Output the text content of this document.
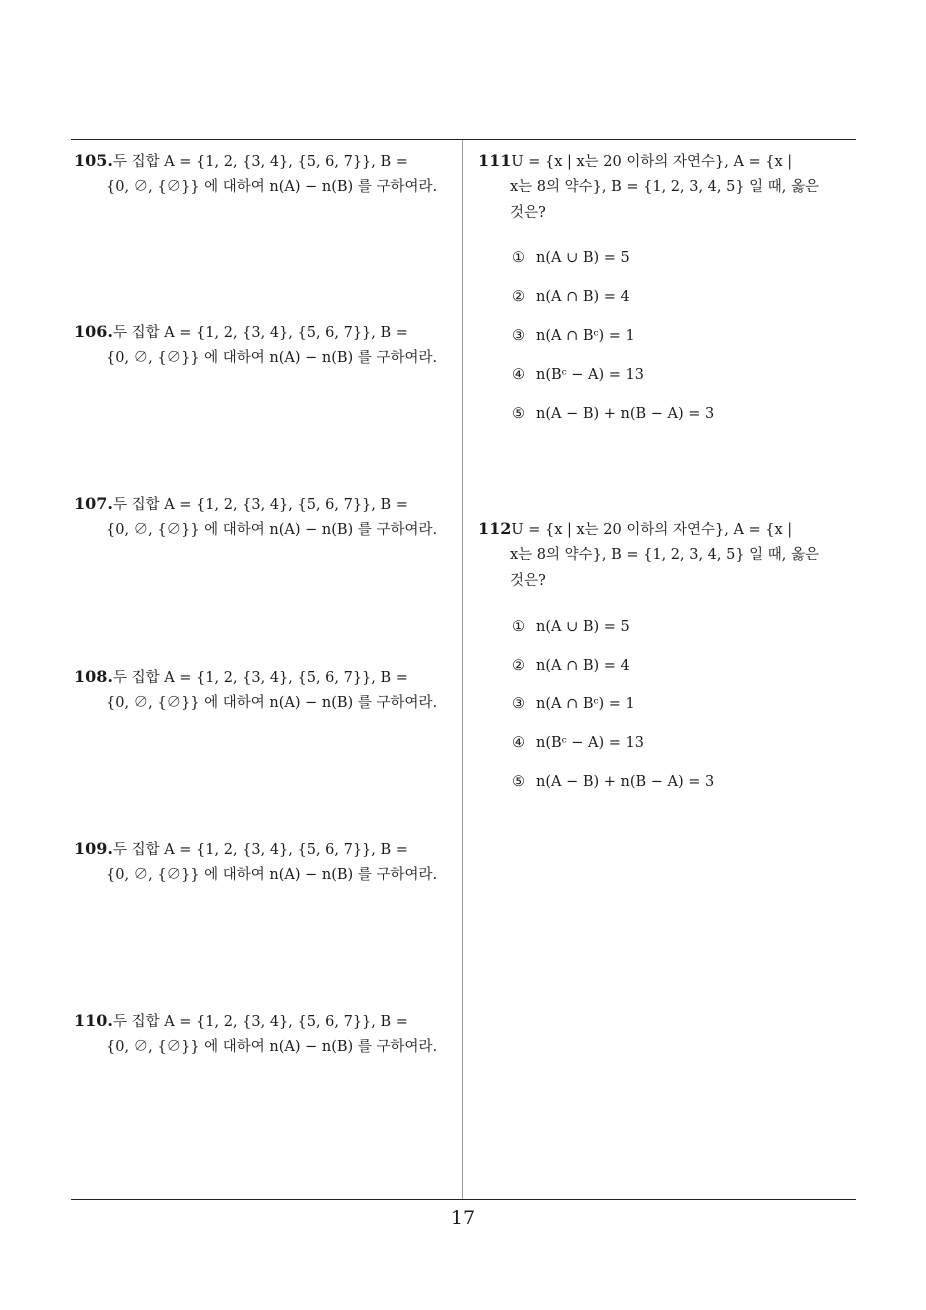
105.두 집합 A = {1, 2, {3, 4}, {5, 6, 7}}, B =
{0, ∅, {∅}} 에 대하여 n(A) − n(B) 를 구하여라.
106.두 집합 A = {1, 2, {3, 4}, {5, 6, 7}}, B =
{0, ∅, {∅}} 에 대하여 n(A) − n(B) 를 구하여라.
107.두 집합 A = {1, 2, {3, 4}, {5, 6, 7}}, B =
{0, ∅, {∅}} 에 대하여 n(A) − n(B) 를 구하여라.
108.두 집합 A = {1, 2, {3, 4}, {5, 6, 7}}, B =
{0, ∅, {∅}} 에 대하여 n(A) − n(B) 를 구하여라.
109.두 집합 A = {1, 2, {3, 4}, {5, 6, 7}}, B =
{0, ∅, {∅}} 에 대하여 n(A) − n(B) 를 구하여라.
110.두 집합 A = {1, 2, {3, 4}, {5, 6, 7}}, B =
{0, ∅, {∅}} 에 대하여 n(A) − n(B) 를 구하여라.
111U = {x | x는 20 이하의 자연수}, A = {x |
x는 8의 약수}, B = {1, 2, 3, 4, 5} 일 때, 옳은
것은?
① n(A ∪ B) = 5
② n(A ∩ B) = 4
③ n(A ∩ Bᶜ) = 1
④ n(Bᶜ − A) = 13
⑤ n(A − B) + n(B − A) = 3
112U = {x | x는 20 이하의 자연수}, A = {x |
x는 8의 약수}, B = {1, 2, 3, 4, 5} 일 때, 옳은
것은?
① n(A ∪ B) = 5
② n(A ∩ B) = 4
③ n(A ∩ Bᶜ) = 1
④ n(Bᶜ − A) = 13
⑤ n(A − B) + n(B − A) = 3
17
